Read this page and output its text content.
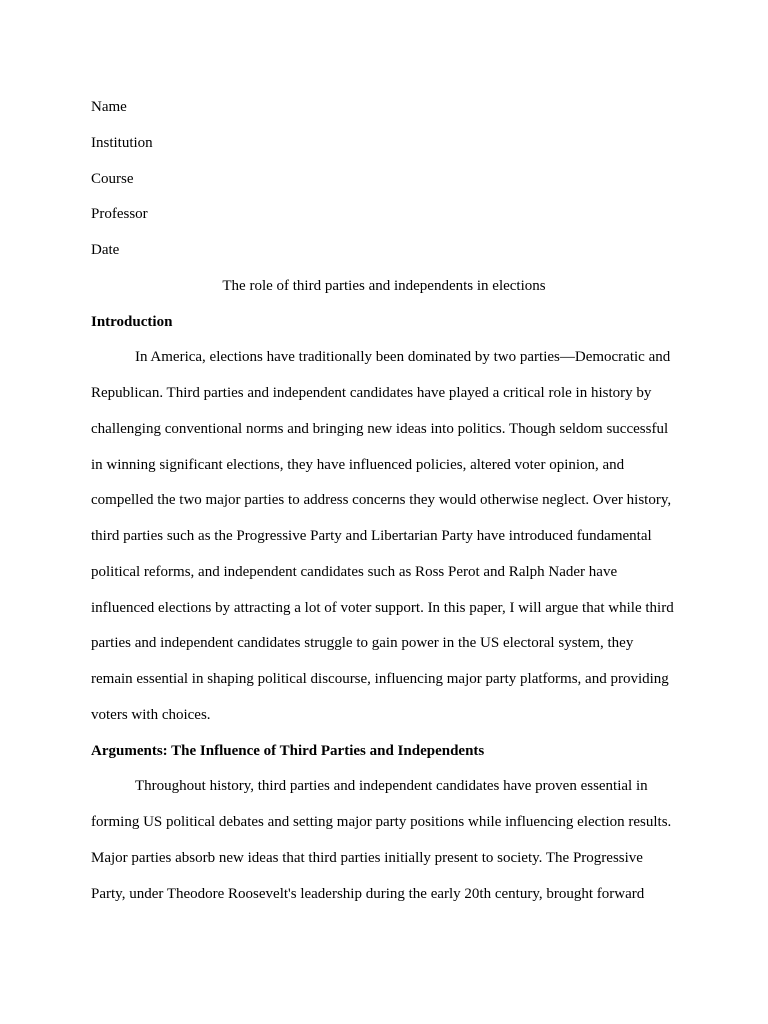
Name

Institution

Course

Professor

Date

The role of third parties and independents in elections

Introduction

In America, elections have traditionally been dominated by two parties—Democratic and
Republican. Third parties and independent candidates have played a critical role in history by
challenging conventional norms and bringing new ideas into politics. Though seldom successful
in winning significant elections, they have influenced policies, altered voter opinion, and
compelled the two major parties to address concerns they would otherwise neglect. Over history,
third parties such as the Progressive Party and Libertarian Party have introduced fundamental
political reforms, and independent candidates such as Ross Perot and Ralph Nader have
influenced elections by attracting a lot of voter support. In this paper, I will argue that while third
parties and independent candidates struggle to gain power in the US electoral system, they
remain essential in shaping political discourse, influencing major party platforms, and providing
voters with choices.

Arguments: The Influence of Third Parties and Independents

Throughout history, third parties and independent candidates have proven essential in
forming US political debates and setting major party positions while influencing election results.
Major parties absorb new ideas that third parties initially present to society. The Progressive
Party, under Theodore Roosevelt's leadership during the early 20th century, brought forward
